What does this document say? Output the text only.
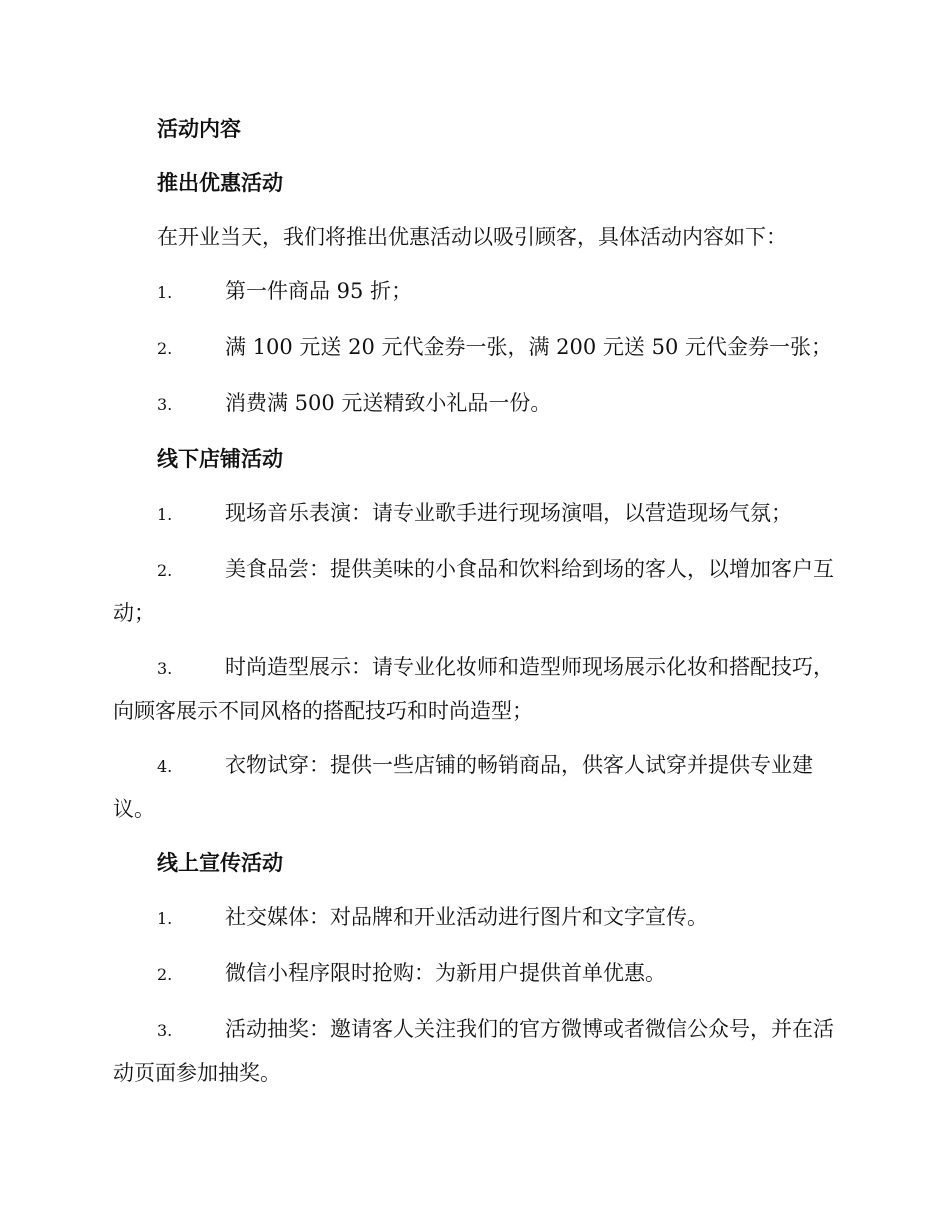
活动内容
推出优惠活动
在开业当天，我们将推出优惠活动以吸引顾客，具体活动内容如下：
1.	第一件商品 95 折；
2.	满 100 元送 20 元代金券一张，满 200 元送 50 元代金券一张；
3.	消费满 500 元送精致小礼品一份。
线下店铺活动
1.	现场音乐表演：请专业歌手进行现场演唱，以营造现场气氛；
2.	美食品尝：提供美味的小食品和饮料给到场的客人，以增加客户互动；
3.	时尚造型展示：请专业化妆师和造型师现场展示化妆和搭配技巧，向顾客展示不同风格的搭配技巧和时尚造型；
4.	衣物试穿：提供一些店铺的畅销商品，供客人试穿并提供专业建议。
线上宣传活动
1.	社交媒体：对品牌和开业活动进行图片和文字宣传。
2.	微信小程序限时抢购：为新用户提供首单优惠。
3.	活动抽奖：邀请客人关注我们的官方微博或者微信公众号，并在活动页面参加抽奖。
